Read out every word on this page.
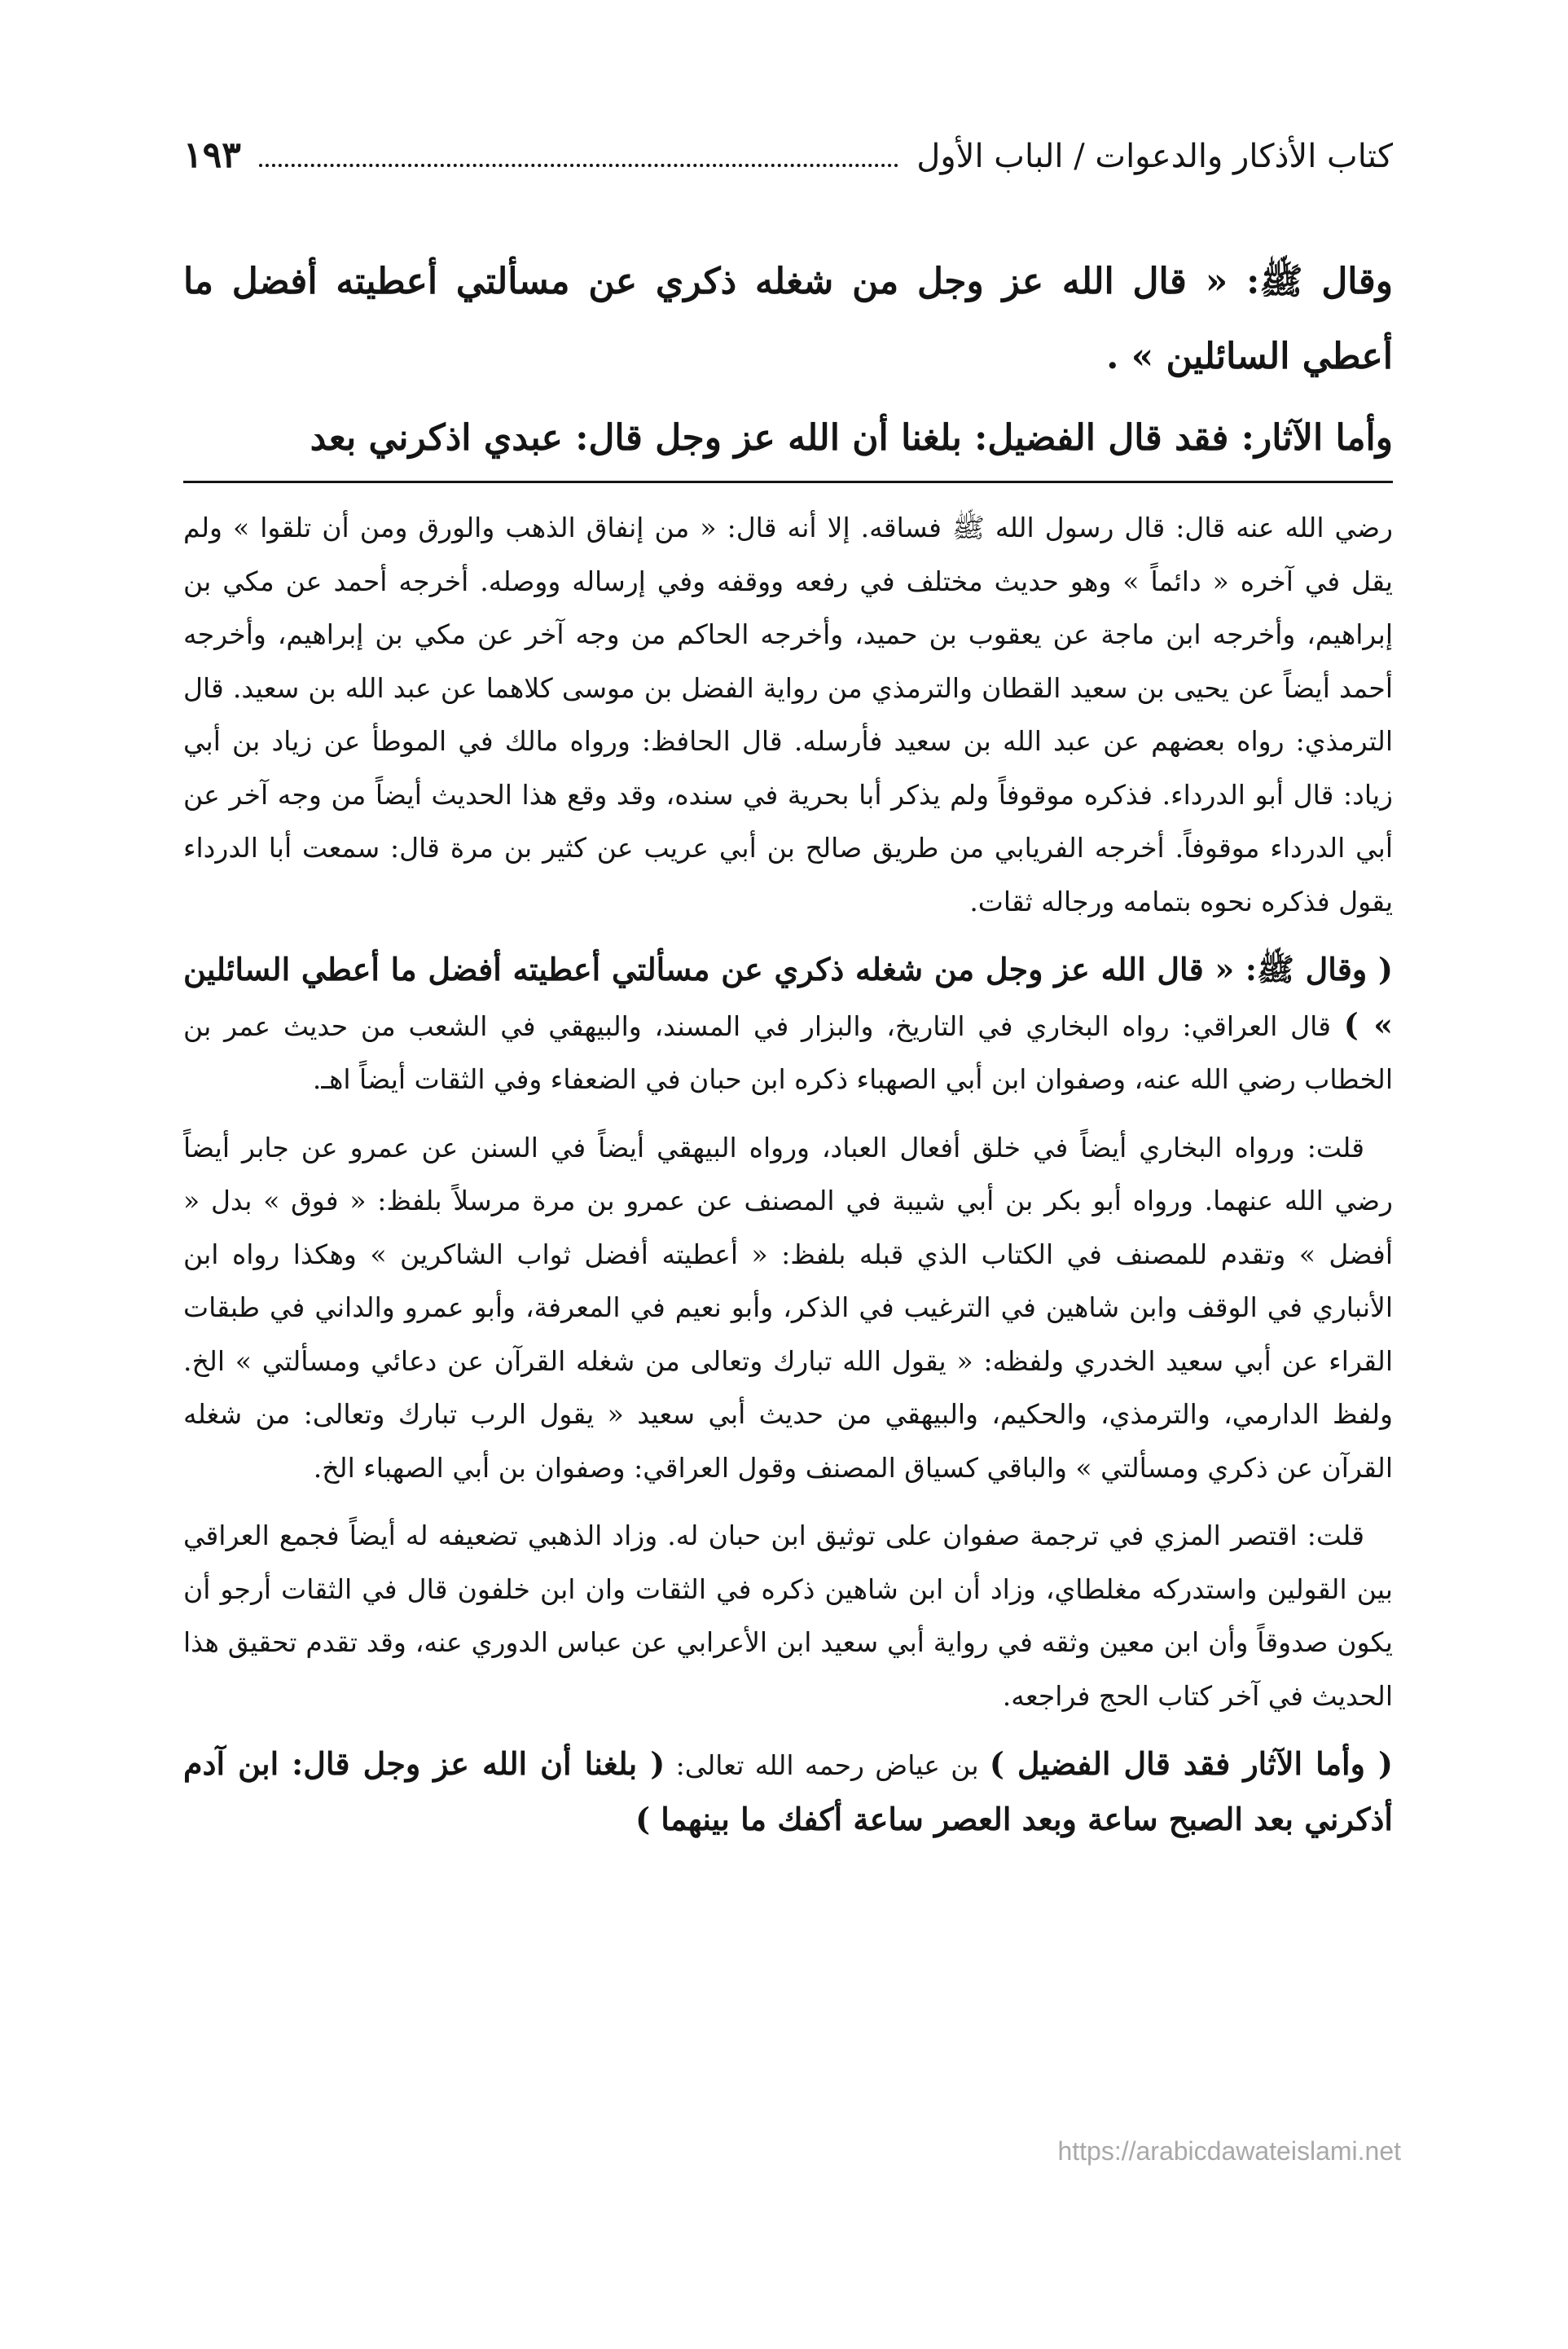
كتاب الأذكار والدعوات / الباب الأول
١٩٣

وقال ﷺ: « قال الله عز وجل من شغله ذكري عن مسألتي أعطيته أفضل ما أعطي السائلين » .

وأما الآثار: فقد قال الفضيل: بلغنا أن الله عز وجل قال: عبدي اذكرني بعد

رضي الله عنه قال: قال رسول الله ﷺ فساقه. إلا أنه قال: « من إنفاق الذهب والورق ومن أن تلقوا » ولم يقل في آخره « دائماً » وهو حديث مختلف في رفعه ووقفه وفي إرساله ووصله. أخرجه أحمد عن مكي بن إبراهيم، وأخرجه ابن ماجة عن يعقوب بن حميد، وأخرجه الحاكم من وجه آخر عن مكي بن إبراهيم، وأخرجه أحمد أيضاً عن يحيى بن سعيد القطان والترمذي من رواية الفضل بن موسى كلاهما عن عبد الله بن سعيد. قال الترمذي: رواه بعضهم عن عبد الله بن سعيد فأرسله. قال الحافظ: ورواه مالك في الموطأ عن زياد بن أبي زياد: قال أبو الدرداء. فذكره موقوفاً ولم يذكر أبا بحرية في سنده، وقد وقع هذا الحديث أيضاً من وجه آخر عن أبي الدرداء موقوفاً. أخرجه الفريابي من طريق صالح بن أبي عريب عن كثير بن مرة قال: سمعت أبا الدرداء يقول فذكره نحوه بتمامه ورجاله ثقات.

( وقال ﷺ: « قال الله عز وجل من شغله ذكري عن مسألتي أعطيته أفضل ما أعطي السائلين » ) قال العراقي: رواه البخاري في التاريخ، والبزار في المسند، والبيهقي في الشعب من حديث عمر بن الخطاب رضي الله عنه، وصفوان ابن أبي الصهباء ذكره ابن حبان في الضعفاء وفي الثقات أيضاً اهـ.

قلت: ورواه البخاري أيضاً في خلق أفعال العباد، ورواه البيهقي أيضاً في السنن عن عمرو عن جابر أيضاً رضي الله عنهما. ورواه أبو بكر بن أبي شيبة في المصنف عن عمرو بن مرة مرسلاً بلفظ: « فوق » بدل « أفضل » وتقدم للمصنف في الكتاب الذي قبله بلفظ: « أعطيته أفضل ثواب الشاكرين » وهكذا رواه ابن الأنباري في الوقف وابن شاهين في الترغيب في الذكر، وأبو نعيم في المعرفة، وأبو عمرو والداني في طبقات القراء عن أبي سعيد الخدري ولفظه: « يقول الله تبارك وتعالى من شغله القرآن عن دعائي ومسألتي » الخ. ولفظ الدارمي، والترمذي، والحكيم، والبيهقي من حديث أبي سعيد « يقول الرب تبارك وتعالى: من شغله القرآن عن ذكري ومسألتي » والباقي كسياق المصنف وقول العراقي: وصفوان بن أبي الصهباء الخ.

قلت: اقتصر المزي في ترجمة صفوان على توثيق ابن حبان له. وزاد الذهبي تضعيفه له أيضاً فجمع العراقي بين القولين واستدركه مغلطاي، وزاد أن ابن شاهين ذكره في الثقات وان ابن خلفون قال في الثقات أرجو أن يكون صدوقاً وأن ابن معين وثقه في رواية أبي سعيد ابن الأعرابي عن عباس الدوري عنه، وقد تقدم تحقيق هذا الحديث في آخر كتاب الحج فراجعه.

( وأما الآثار فقد قال الفضيل ) بن عياض رحمه الله تعالى: ( بلغنا أن الله عز وجل قال: ابن آدم أذكرني بعد الصبح ساعة وبعد العصر ساعة أكفك ما بينهما )

https://arabicdawateislami.net
